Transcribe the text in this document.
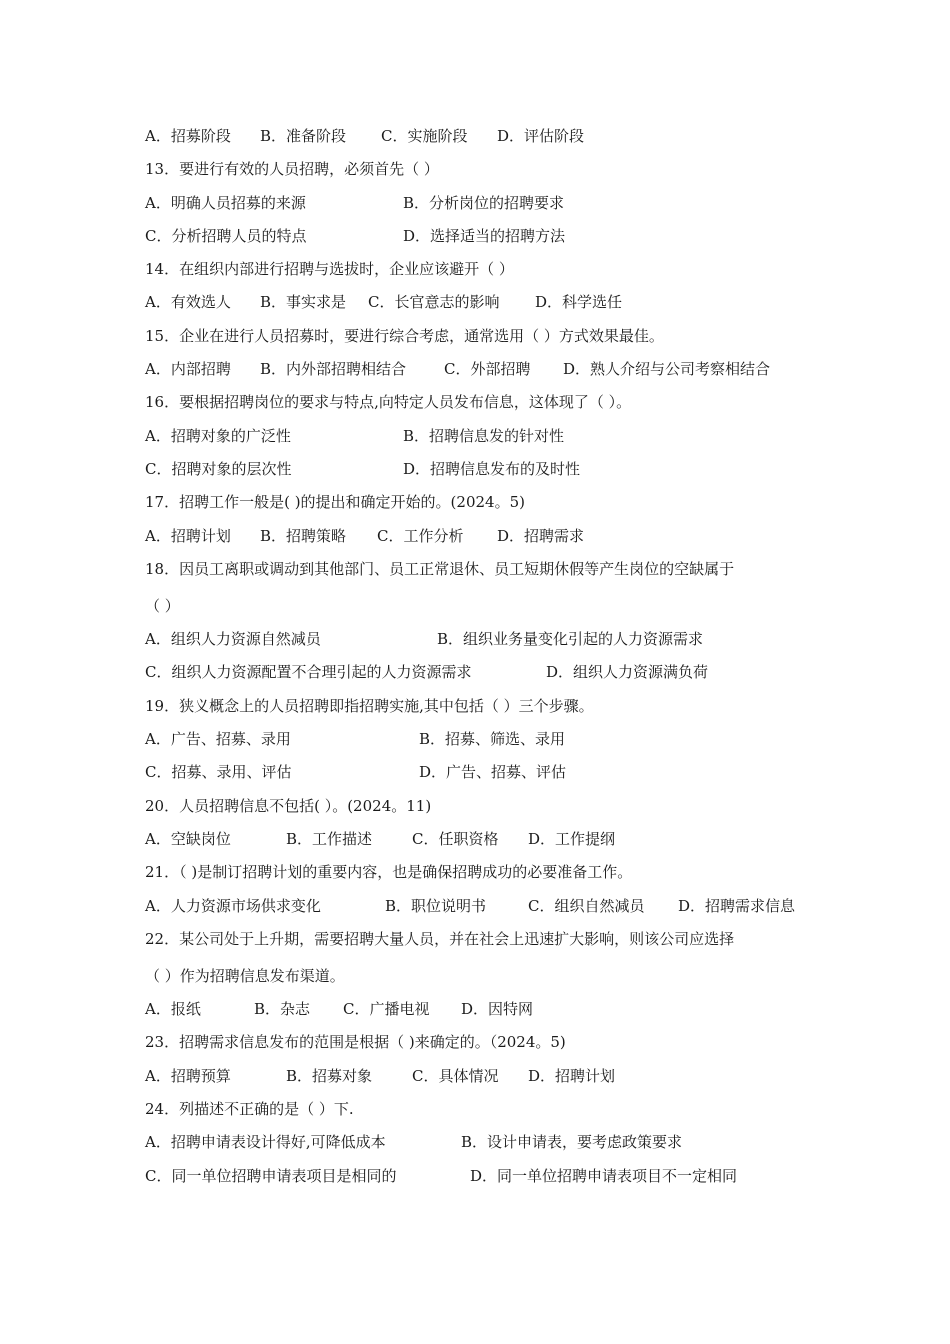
A．招募阶段 B．准备阶段 C．实施阶段 D．评估阶段
13．要进行有效的人员招聘，必须首先（ ）
A．明确人员招募的来源	B．分析岗位的招聘要求
C．分析招聘人员的特点	D．选择适当的招聘方法
14．在组织内部进行招聘与选拔时，企业应该避开（ ）
A．有效选人 B．事实求是 C．长官意志的影响 D．科学选任
15．企业在进行人员招募时，要进行综合考虑，通常选用（ ）方式效果最佳。
A．内部招聘 B．内外部招聘相结合	C．外部招聘 D．熟人介绍与公司考察相结合
16．要根据招聘岗位的要求与特点,向特定人员发布信息，这体现了（ ）。
A．招聘对象的广泛性	B．招聘信息发的针对性
C．招聘对象的层次性	D．招聘信息发布的及时性
17．招聘工作一般是( )的提出和确定开始的。(2024。5)
A．招聘计划 B．招聘策略 C．工作分析 D．招聘需求
18．因员工离职或调动到其他部门、员工正常退休、员工短期休假等产生岗位的空缺属于
（ ）
A．组织人力资源自然减员	B．组织业务量变化引起的人力资源需求
C．组织人力资源配置不合理引起的人力资源需求	D．组织人力资源满负荷
19．狭义概念上的人员招聘即指招聘实施,其中包括（ ）三个步骤。
A．广告、招募、录用	B．招募、筛选、录用
C．招募、录用、评估	D．广告、招募、评估
20．人员招聘信息不包括( ）。(2024。11)
A．空缺岗位	B．工作描述	C．任职资格 D．工作提纲
21．（ )是制订招聘计划的重要内容，也是确保招聘成功的必要准备工作。
A．人力资源市场供求变化	B．职位说明书	C．组织自然减员 D．招聘需求信息
22．某公司处于上升期，需要招聘大量人员，并在社会上迅速扩大影响，则该公司应选择
（ ）作为招聘信息发布渠道。
A．报纸	B．杂志 C．广播电视 D．因特网
23．招聘需求信息发布的范围是根据（ )来确定的。（2024。5)
A．招聘预算	B．招募对象	C．具体情况 D．招聘计划
24．列描述不正确的是（ ）下.
A．招聘申请表设计得好,可降低成本	B．设计申请表，要考虑政策要求
C．同一单位招聘申请表项目是相同的	D．同一单位招聘申请表项目不一定相同
